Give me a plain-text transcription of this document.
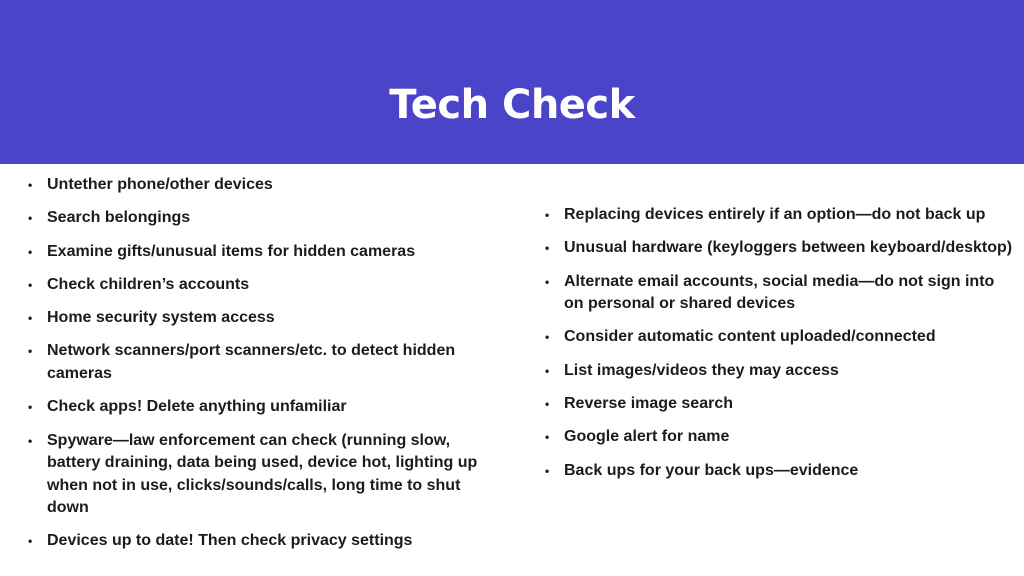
Tech Check
• Untether phone/other devices
• Search belongings
• Examine gifts/unusual items for hidden cameras
• Check children’s accounts
• Home security system access
• Network scanners/port scanners/etc. to detect hidden cameras
• Check apps! Delete anything unfamiliar
• Spyware—law enforcement can check (running slow, battery draining, data being used, device hot, lighting up when not in use, clicks/sounds/calls, long time to shut down
• Devices up to date! Then check privacy settings
• Replacing devices entirely if an option—do not back up
• Unusual hardware (keyloggers between keyboard/desktop)
• Alternate email accounts, social media—do not sign into on personal or shared devices
• Consider automatic content uploaded/connected
• List images/videos they may access
• Reverse image search
• Google alert for name
• Back ups for your back ups—evidence
